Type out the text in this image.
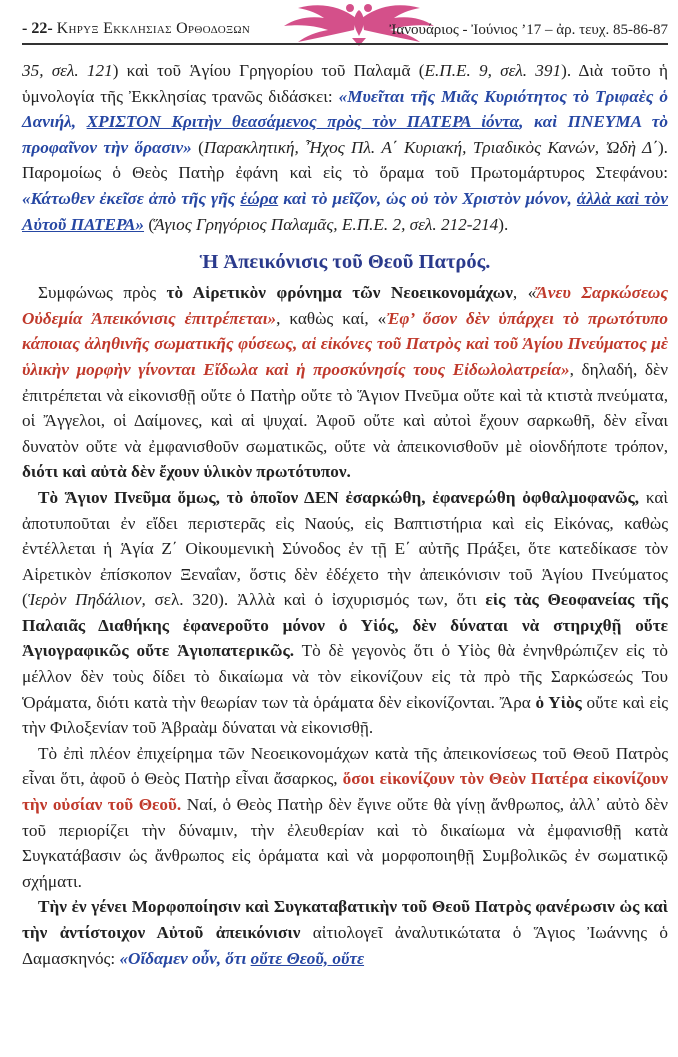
- 22- Κηρυξ Εκκλησιας Ορθοδοξων	Ἰανουάριος - Ἰούνιος ’17 – ἀρ. τευχ. 85-86-87

35, σελ. 121) καὶ τοῦ Ἁγίου Γρηγορίου τοῦ Παλαμᾶ (Ε.Π.Ε. 9, σελ. 391). Διὰ τοῦτο ἡ ὑμνολογία τῆς Ἐκκλησίας τρανῶς διδάσκει: «Μυεῖται τῆς Μιᾶς Κυριότητος τὸ Τριφαὲς ὁ Δανιήλ, ΧΡΙΣΤΟΝ Κριτὴν θεασάμενος πρὸς τὸν ΠΑΤΕΡΑ ἰόντα, καὶ ΠΝΕΥΜΑ τὸ προφαῖνον τὴν ὅρασιν» (Παρακλητική, Ἦχος Πλ. Α΄ Κυριακή, Τριαδικὸς Κανών, Ὠδὴ Δ΄). Παρομοίως ὁ Θεὸς Πατὴρ ἐφάνη καὶ εἰς τὸ ὅραμα τοῦ Πρωτομάρτυρος Στεφάνου: «Κάτωθεν ἐκεῖσε ἀπὸ τῆς γῆς ἑώρα καὶ τὸ μεῖζον, ὡς οὐ τὸν Χριστὸν μόνον, ἀλλὰ καὶ τὸν Αὐτοῦ ΠΑΤΕΡΑ» (Ἅγιος Γρηγόριος Παλαμᾶς, Ε.Π.Ε. 2, σελ. 212-214).

Ἡ Ἀπεικόνισις τοῦ Θεοῦ Πατρός.

Συμφώνως πρὸς τὸ Αἱρετικὸν φρόνημα τῶν Νεοεικονομάχων, «Ἄνευ Σαρκώσεως Οὐδεμία Ἀπεικόνισις ἐπιτρέπεται», καθὼς καί, «Ἐφ’ ὅσον δὲν ὑπάρχει τὸ πρωτότυπο κάποιας ἀληθινῆς σωματικῆς φύσεως, αἱ εἰκόνες τοῦ Πατρὸς καὶ τοῦ Ἁγίου Πνεύματος μὲ ὑλικὴν μορφὴν γίνονται Εἴδωλα καὶ ἡ προσκύνησίς τους Εἰδωλολατρεία», δηλαδή, δὲν ἐπιτρέπεται νὰ εἰκονισθῇ οὔτε ὁ Πατὴρ οὔτε τὸ Ἅγιον Πνεῦμα οὔτε καὶ τὰ κτιστὰ πνεύματα, οἱ Ἄγγελοι, οἱ Δαίμονες, καὶ αἱ ψυχαί. Ἀφοῦ οὔτε καὶ αὐτοὶ ἔχουν σαρκωθῆ, δὲν εἶναι δυνατὸν οὔτε νὰ ἐμφανισθοῦν σωματικῶς, οὔτε νὰ ἀπεικονισθοῦν μὲ οἱονδήποτε τρόπον, διότι καὶ αὐτὰ δὲν ἔχουν ὑλικὸν πρωτότυπον.

Τὸ Ἅγιον Πνεῦμα ὅμως, τὸ ὁποῖον ΔΕΝ ἐσαρκώθη, ἐφανερώθη ὀφθαλμοφανῶς, καὶ ἀποτυποῦται ἐν εἴδει περιστερᾶς εἰς Ναούς, εἰς Βαπτιστήρια καὶ εἰς Εἰκόνας, καθὼς ἐντέλλεται ἡ Ἁγία Ζ΄ Οἰκουμενικὴ Σύνοδος ἐν τῇ Ε΄ αὐτῆς Πράξει, ὅτε κατεδίκασε τὸν Αἱρετικὸν ἐπίσκοπον Ξεναΐαν, ὅστις δὲν ἐδέχετο τὴν ἀπεικόνισιν τοῦ Ἁγίου Πνεύματος (Ἱερὸν Πηδάλιον, σελ. 320). Ἀλλὰ καὶ ὁ ἰσχυρισμός των, ὅτι εἰς τὰς Θεοφανείας τῆς Παλαιᾶς Διαθήκης ἐφανεροῦτο μόνον ὁ Υἱός, δὲν δύναται νὰ στηριχθῇ οὔτε Ἁγιογραφικῶς οὔτε Ἁγιοπατερικῶς. Τὸ δὲ γεγονὸς ὅτι ὁ Υἱὸς θὰ ἐνηνθρώπιζεν εἰς τὸ μέλλον δὲν τοὺς δίδει τὸ δικαίωμα νὰ τὸν εἰκονίζουν εἰς τὰ πρὸ τῆς Σαρκώσεώς Του Ὁράματα, διότι κατὰ τὴν θεωρίαν των τὰ ὁράματα δὲν εἰκονίζονται. Ἄρα ὁ Υἱὸς οὔτε καὶ εἰς τὴν Φιλοξενίαν τοῦ Ἀβραὰμ δύναται νὰ εἰκονισθῇ.

Τὸ ἐπὶ πλέον ἐπιχείρημα τῶν Νεοεικονομάχων κατὰ τῆς ἀπεικονίσεως τοῦ Θεοῦ Πατρὸς εἶναι ὅτι, ἀφοῦ ὁ Θεὸς Πατὴρ εἶναι ἄσαρκος, ὅσοι εἰκονίζουν τὸν Θεὸν Πατέρα εἰκονίζουν τὴν οὐσίαν τοῦ Θεοῦ. Ναί, ὁ Θεὸς Πατὴρ δὲν ἔγινε οὔτε θὰ γίνῃ ἄνθρωπος, ἀλλ᾽ αὐτὸ δὲν τοῦ περιορίζει τὴν δύναμιν, τὴν ἐλευθερίαν καὶ τὸ δικαίωμα νὰ ἐμφανισθῇ κατὰ Συγκατάβασιν ὡς ἄνθρωπος εἰς ὁράματα καὶ νὰ μορφοποιηθῇ Συμβολικῶς ἐν σωματικῷ σχήματι.

Τὴν ἐν γένει Μορφοποίησιν καὶ Συγκαταβατικὴν τοῦ Θεοῦ Πατρὸς φανέρωσιν ὡς καὶ τὴν ἀντίστοιχον Αὐτοῦ ἀπεικόνισιν αἰτιολογεῖ ἀναλυτικώτατα ὁ Ἅγιος Ἰωάννης ὁ Δαμασκηνός: «Οἴδαμεν οὖν, ὅτι οὔτε Θεοῦ, οὔτε
